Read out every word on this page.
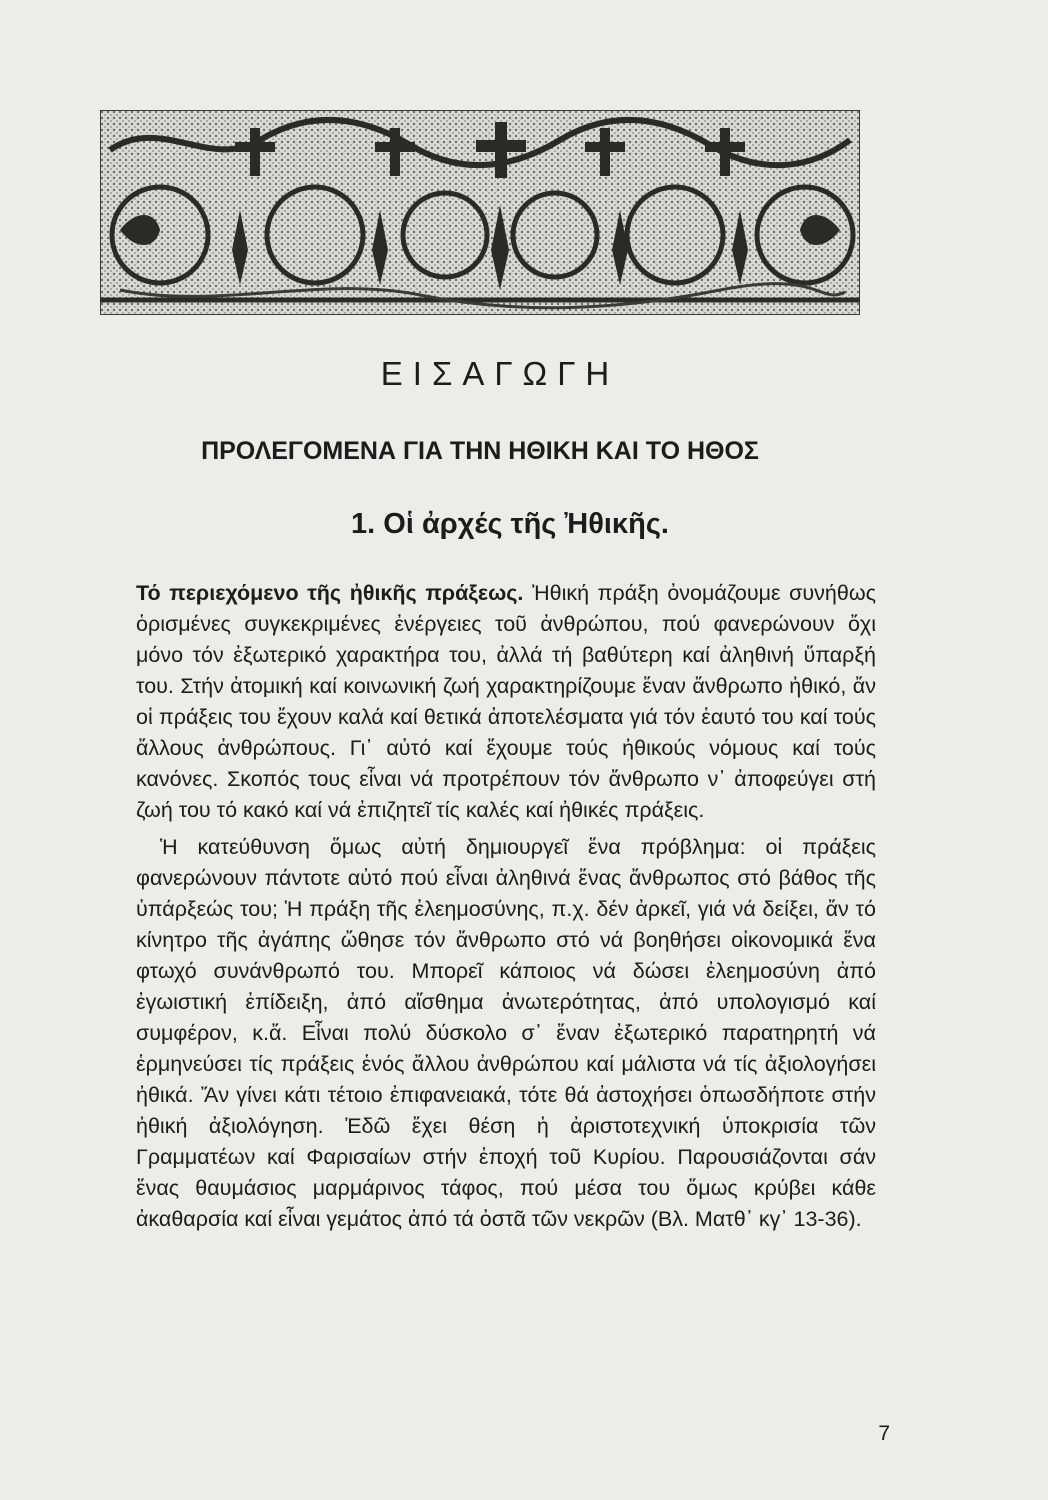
ΕΙΣΑΓΩΓΗ
ΠΡΟΛΕΓΟΜΕΝΑ ΓΙΑ ΤΗΝ ΗΘΙΚΗ ΚΑΙ ΤΟ ΗΘΟΣ
1. Οἱ ἀρχές τῆς Ἠθικῆς.

Τό περιεχόμενο τῆς ἠθικῆς πράξεως. Ἠθική πράξη ὀνομάζουμε συνήθως ὁρισμένες συγκεκριμένες ἐνέργειες τοῦ ἀνθρώπου, πού φανερώνουν ὄχι μόνο τόν ἐξωτερικό χαρακτήρα του, ἀλλά τή βαθύτερη καί ἀληθινή ὕπαρξή του. Στήν ἀτομική καί κοινωνική ζωή χαρακτηρίζουμε ἕναν ἄνθρωπο ἠθικό, ἄν οἱ πράξεις του ἔχουν καλά καί θετικά ἀποτελέσματα γιά τόν ἑαυτό του καί τούς ἄλλους ἀνθρώπους. Γι᾽ αὐτό καί ἔχουμε τούς ἠθικούς νόμους καί τούς κανόνες. Σκοπός τους εἶναι νά προτρέπουν τόν ἄνθρωπο ν᾽ ἀποφεύγει στή ζωή του τό κακό καί νά ἐπιζητεῖ τίς καλές καί ἠθικές πράξεις.

Ἡ κατεύθυνση ὅμως αὐτή δημιουργεῖ ἕνα πρόβλημα: οἱ πράξεις φανερώνουν πάντοτε αὐτό πού εἶναι ἀληθινά ἕνας ἄνθρωπος στό βάθος τῆς ὑπάρξεώς του; Ἡ πράξη τῆς ἐλεημοσύνης, π.χ. δέν ἀρκεῖ, γιά νά δείξει, ἄν τό κίνητρο τῆς ἀγάπης ὤθησε τόν ἄνθρωπο στό νά βοηθήσει οἰκονομικά ἕνα φτωχό συνάνθρωπό του. Μπορεῖ κάποιος νά δώσει ἐλεημοσύνη ἀπό ἐγωιστική ἐπίδειξη, ἀπό αἴσθημα ἀνωτερότητας, ἀπό υπολογισμό καί συμφέρον, κ.ἄ. Εἶναι πολύ δύσκολο σ᾽ ἕναν ἐξωτερικό παρατηρητή νά ἑρμηνεύσει τίς πράξεις ἑνός ἄλλου ἀνθρώπου καί μάλιστα νά τίς ἀξιολογήσει ἠθικά. Ἄν γίνει κάτι τέτοιο ἐπιφανειακά, τότε θά ἀστοχήσει ὁπωσδήποτε στήν ἠθική ἀξιολόγηση. Ἐδῶ ἔχει θέση ἡ ἀριστοτεχνική ὑποκρισία τῶν Γραμματέων καί Φαρισαίων στήν ἐποχή τοῦ Κυρίου. Παρουσιάζονται σάν ἕνας θαυμάσιος μαρμάρινος τάφος, πού μέσα του ὅμως κρύβει κάθε ἀκαθαρσία καί εἶναι γεμάτος ἀπό τά ὀστᾶ τῶν νεκρῶν (Βλ. Ματθ᾽ κγ᾽ 13-36).

7
